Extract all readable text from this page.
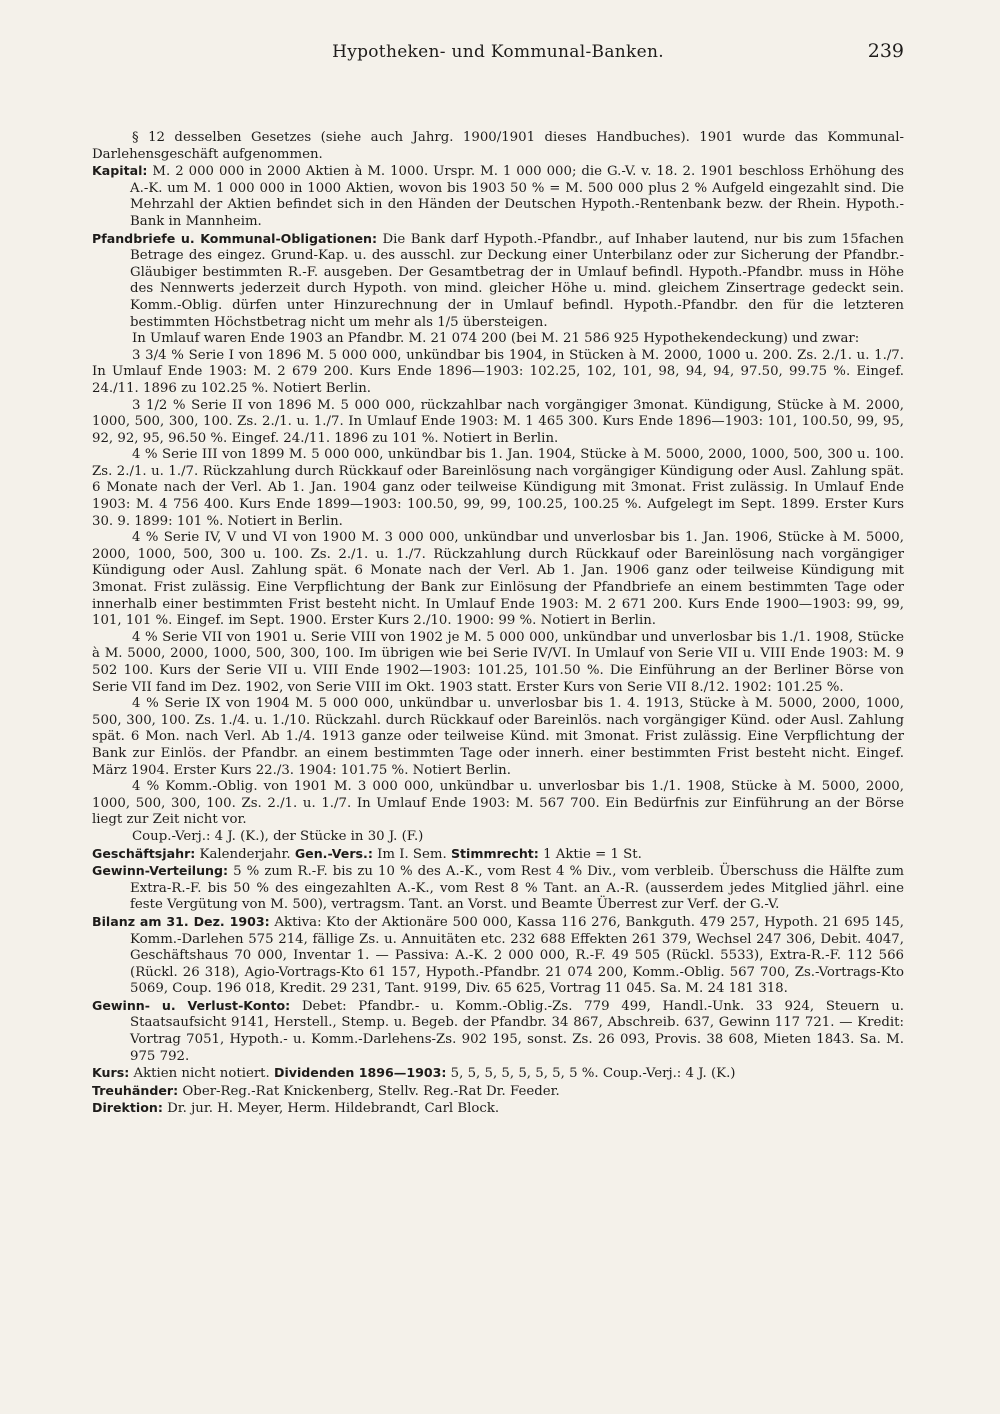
Hypotheken- und Kommunal-Banken.	239

§ 12 desselben Gesetzes (siehe auch Jahrg. 1900/1901 dieses Handbuches). 1901 wurde das Kommunal-Darlehensgeschäft aufgenommen.

Kapital: M. 2 000 000 in 2000 Aktien à M. 1000. Urspr. M. 1 000 000; die G.-V. v. 18. 2. 1901 beschloss Erhöhung des A.-K. um M. 1 000 000 in 1000 Aktien, wovon bis 1903 50 % = M. 500 000 plus 2 % Aufgeld eingezahlt sind. Die Mehrzahl der Aktien befindet sich in den Händen der Deutschen Hypoth.-Rentenbank bezw. der Rhein. Hypoth.-Bank in Mannheim.

Pfandbriefe u. Kommunal-Obligationen: Die Bank darf Hypoth.-Pfandbr., auf Inhaber lautend, nur bis zum 15fachen Betrage des eingez. Grund-Kap. u. des ausschl. zur Deckung einer Unterbilanz oder zur Sicherung der Pfandbr.-Gläubiger bestimmten R.-F. ausgeben. Der Gesamtbetrag der in Umlauf befindl. Hypoth.-Pfandbr. muss in Höhe des Nennwerts jederzeit durch Hypoth. von mind. gleicher Höhe u. mind. gleichem Zinsertrage gedeckt sein. Komm.-Oblig. dürfen unter Hinzurechnung der in Umlauf befindl. Hypoth.-Pfandbr. den für die letzteren bestimmten Höchstbetrag nicht um mehr als 1/5 übersteigen.

In Umlauf waren Ende 1903 an Pfandbr. M. 21 074 200 (bei M. 21 586 925 Hypothekendeckung) und zwar:

3 3/4 % Serie I von 1896 M. 5 000 000, unkündbar bis 1904, in Stücken à M. 2000, 1000 u. 200. Zs. 2./1. u. 1./7. In Umlauf Ende 1903: M. 2 679 200. Kurs Ende 1896—1903: 102.25, 102, 101, 98, 94, 94, 97.50, 99.75 %. Eingef. 24./11. 1896 zu 102.25 %. Notiert Berlin.

3 1/2 % Serie II von 1896 M. 5 000 000, rückzahlbar nach vorgängiger 3monat. Kündigung, Stücke à M. 2000, 1000, 500, 300, 100. Zs. 2./1. u. 1./7. In Umlauf Ende 1903: M. 1 465 300. Kurs Ende 1896—1903: 101, 100.50, 99, 95, 92, 92, 95, 96.50 %. Eingef. 24./11. 1896 zu 101 %. Notiert in Berlin.

4 % Serie III von 1899 M. 5 000 000, unkündbar bis 1. Jan. 1904, Stücke à M. 5000, 2000, 1000, 500, 300 u. 100. Zs. 2./1. u. 1./7. Rückzahlung durch Rückkauf oder Bareinlösung nach vorgängiger Kündigung oder Ausl. Zahlung spät. 6 Monate nach der Verl. Ab 1. Jan. 1904 ganz oder teilweise Kündigung mit 3monat. Frist zulässig. In Umlauf Ende 1903: M. 4 756 400. Kurs Ende 1899—1903: 100.50, 99, 99, 100.25, 100.25 %. Aufgelegt im Sept. 1899. Erster Kurs 30. 9. 1899: 101 %. Notiert in Berlin.

4 % Serie IV, V und VI von 1900 M. 3 000 000, unkündbar und unverlosbar bis 1. Jan. 1906, Stücke à M. 5000, 2000, 1000, 500, 300 u. 100. Zs. 2./1. u. 1./7. Rückzahlung durch Rückkauf oder Bareinlösung nach vorgängiger Kündigung oder Ausl. Zahlung spät. 6 Monate nach der Verl. Ab 1. Jan. 1906 ganz oder teilweise Kündigung mit 3monat. Frist zulässig. Eine Verpflichtung der Bank zur Einlösung der Pfandbriefe an einem bestimmten Tage oder innerhalb einer bestimmten Frist besteht nicht. In Umlauf Ende 1903: M. 2 671 200. Kurs Ende 1900—1903: 99, 99, 101, 101 %. Eingef. im Sept. 1900. Erster Kurs 2./10. 1900: 99 %. Notiert in Berlin.

4 % Serie VII von 1901 u. Serie VIII von 1902 je M. 5 000 000, unkündbar und unverlosbar bis 1./1. 1908, Stücke à M. 5000, 2000, 1000, 500, 300, 100. Im übrigen wie bei Serie IV/VI. In Umlauf von Serie VII u. VIII Ende 1903: M. 9 502 100. Kurs der Serie VII u. VIII Ende 1902—1903: 101.25, 101.50 %. Die Einführung an der Berliner Börse von Serie VII fand im Dez. 1902, von Serie VIII im Okt. 1903 statt. Erster Kurs von Serie VII 8./12. 1902: 101.25 %.

4 % Serie IX von 1904 M. 5 000 000, unkündbar u. unverlosbar bis 1. 4. 1913, Stücke à M. 5000, 2000, 1000, 500, 300, 100. Zs. 1./4. u. 1./10. Rückzahl. durch Rückkauf oder Bareinlös. nach vorgängiger Künd. oder Ausl. Zahlung spät. 6 Mon. nach Verl. Ab 1./4. 1913 ganze oder teilweise Künd. mit 3monat. Frist zulässig. Eine Verpflichtung der Bank zur Einlös. der Pfandbr. an einem bestimmten Tage oder innerh. einer bestimmten Frist besteht nicht. Eingef. März 1904. Erster Kurs 22./3. 1904: 101.75 %. Notiert Berlin.

4 % Komm.-Oblig. von 1901 M. 3 000 000, unkündbar u. unverlosbar bis 1./1. 1908, Stücke à M. 5000, 2000, 1000, 500, 300, 100. Zs. 2./1. u. 1./7. In Umlauf Ende 1903: M. 567 700. Ein Bedürfnis zur Einführung an der Börse liegt zur Zeit nicht vor.

Coup.-Verj.: 4 J. (K.), der Stücke in 30 J. (F.)

Geschäftsjahr: Kalenderjahr. Gen.-Vers.: Im I. Sem. Stimmrecht: 1 Aktie = 1 St.

Gewinn-Verteilung: 5 % zum R.-F. bis zu 10 % des A.-K., vom Rest 4 % Div., vom verbleib. Überschuss die Hälfte zum Extra-R.-F. bis 50 % des eingezahlten A.-K., vom Rest 8 % Tant. an A.-R. (ausserdem jedes Mitglied jährl. eine feste Vergütung von M. 500), vertragsm. Tant. an Vorst. und Beamte Überrest zur Verf. der G.-V.

Bilanz am 31. Dez. 1903: Aktiva: Kto der Aktionäre 500 000, Kassa 116 276, Bankguth. 479 257, Hypoth. 21 695 145, Komm.-Darlehen 575 214, fällige Zs. u. Annuitäten etc. 232 688 Effekten 261 379, Wechsel 247 306, Debit. 4047, Geschäftshaus 70 000, Inventar 1. — Passiva: A.-K. 2 000 000, R.-F. 49 505 (Rückl. 5533), Extra-R.-F. 112 566 (Rückl. 26 318), Agio-Vortrags-Kto 61 157, Hypoth.-Pfandbr. 21 074 200, Komm.-Oblig. 567 700, Zs.-Vortrags-Kto 5069, Coup. 196 018, Kredit. 29 231, Tant. 9199, Div. 65 625, Vortrag 11 045. Sa. M. 24 181 318.

Gewinn- u. Verlust-Konto: Debet: Pfandbr.- u. Komm.-Oblig.-Zs. 779 499, Handl.-Unk. 33 924, Steuern u. Staatsaufsicht 9141, Herstell., Stemp. u. Begeb. der Pfandbr. 34 867, Abschreib. 637, Gewinn 117 721. — Kredit: Vortrag 7051, Hypoth.- u. Komm.-Darlehens-Zs. 902 195, sonst. Zs. 26 093, Provis. 38 608, Mieten 1843. Sa. M. 975 792.

Kurs: Aktien nicht notiert. Dividenden 1896—1903: 5, 5, 5, 5, 5, 5, 5, 5 %. Coup.-Verj.: 4 J. (K.)

Treuhänder: Ober-Reg.-Rat Knickenberg, Stellv. Reg.-Rat Dr. Feeder.

Direktion: Dr. jur. H. Meyer, Herm. Hildebrandt, Carl Block.
